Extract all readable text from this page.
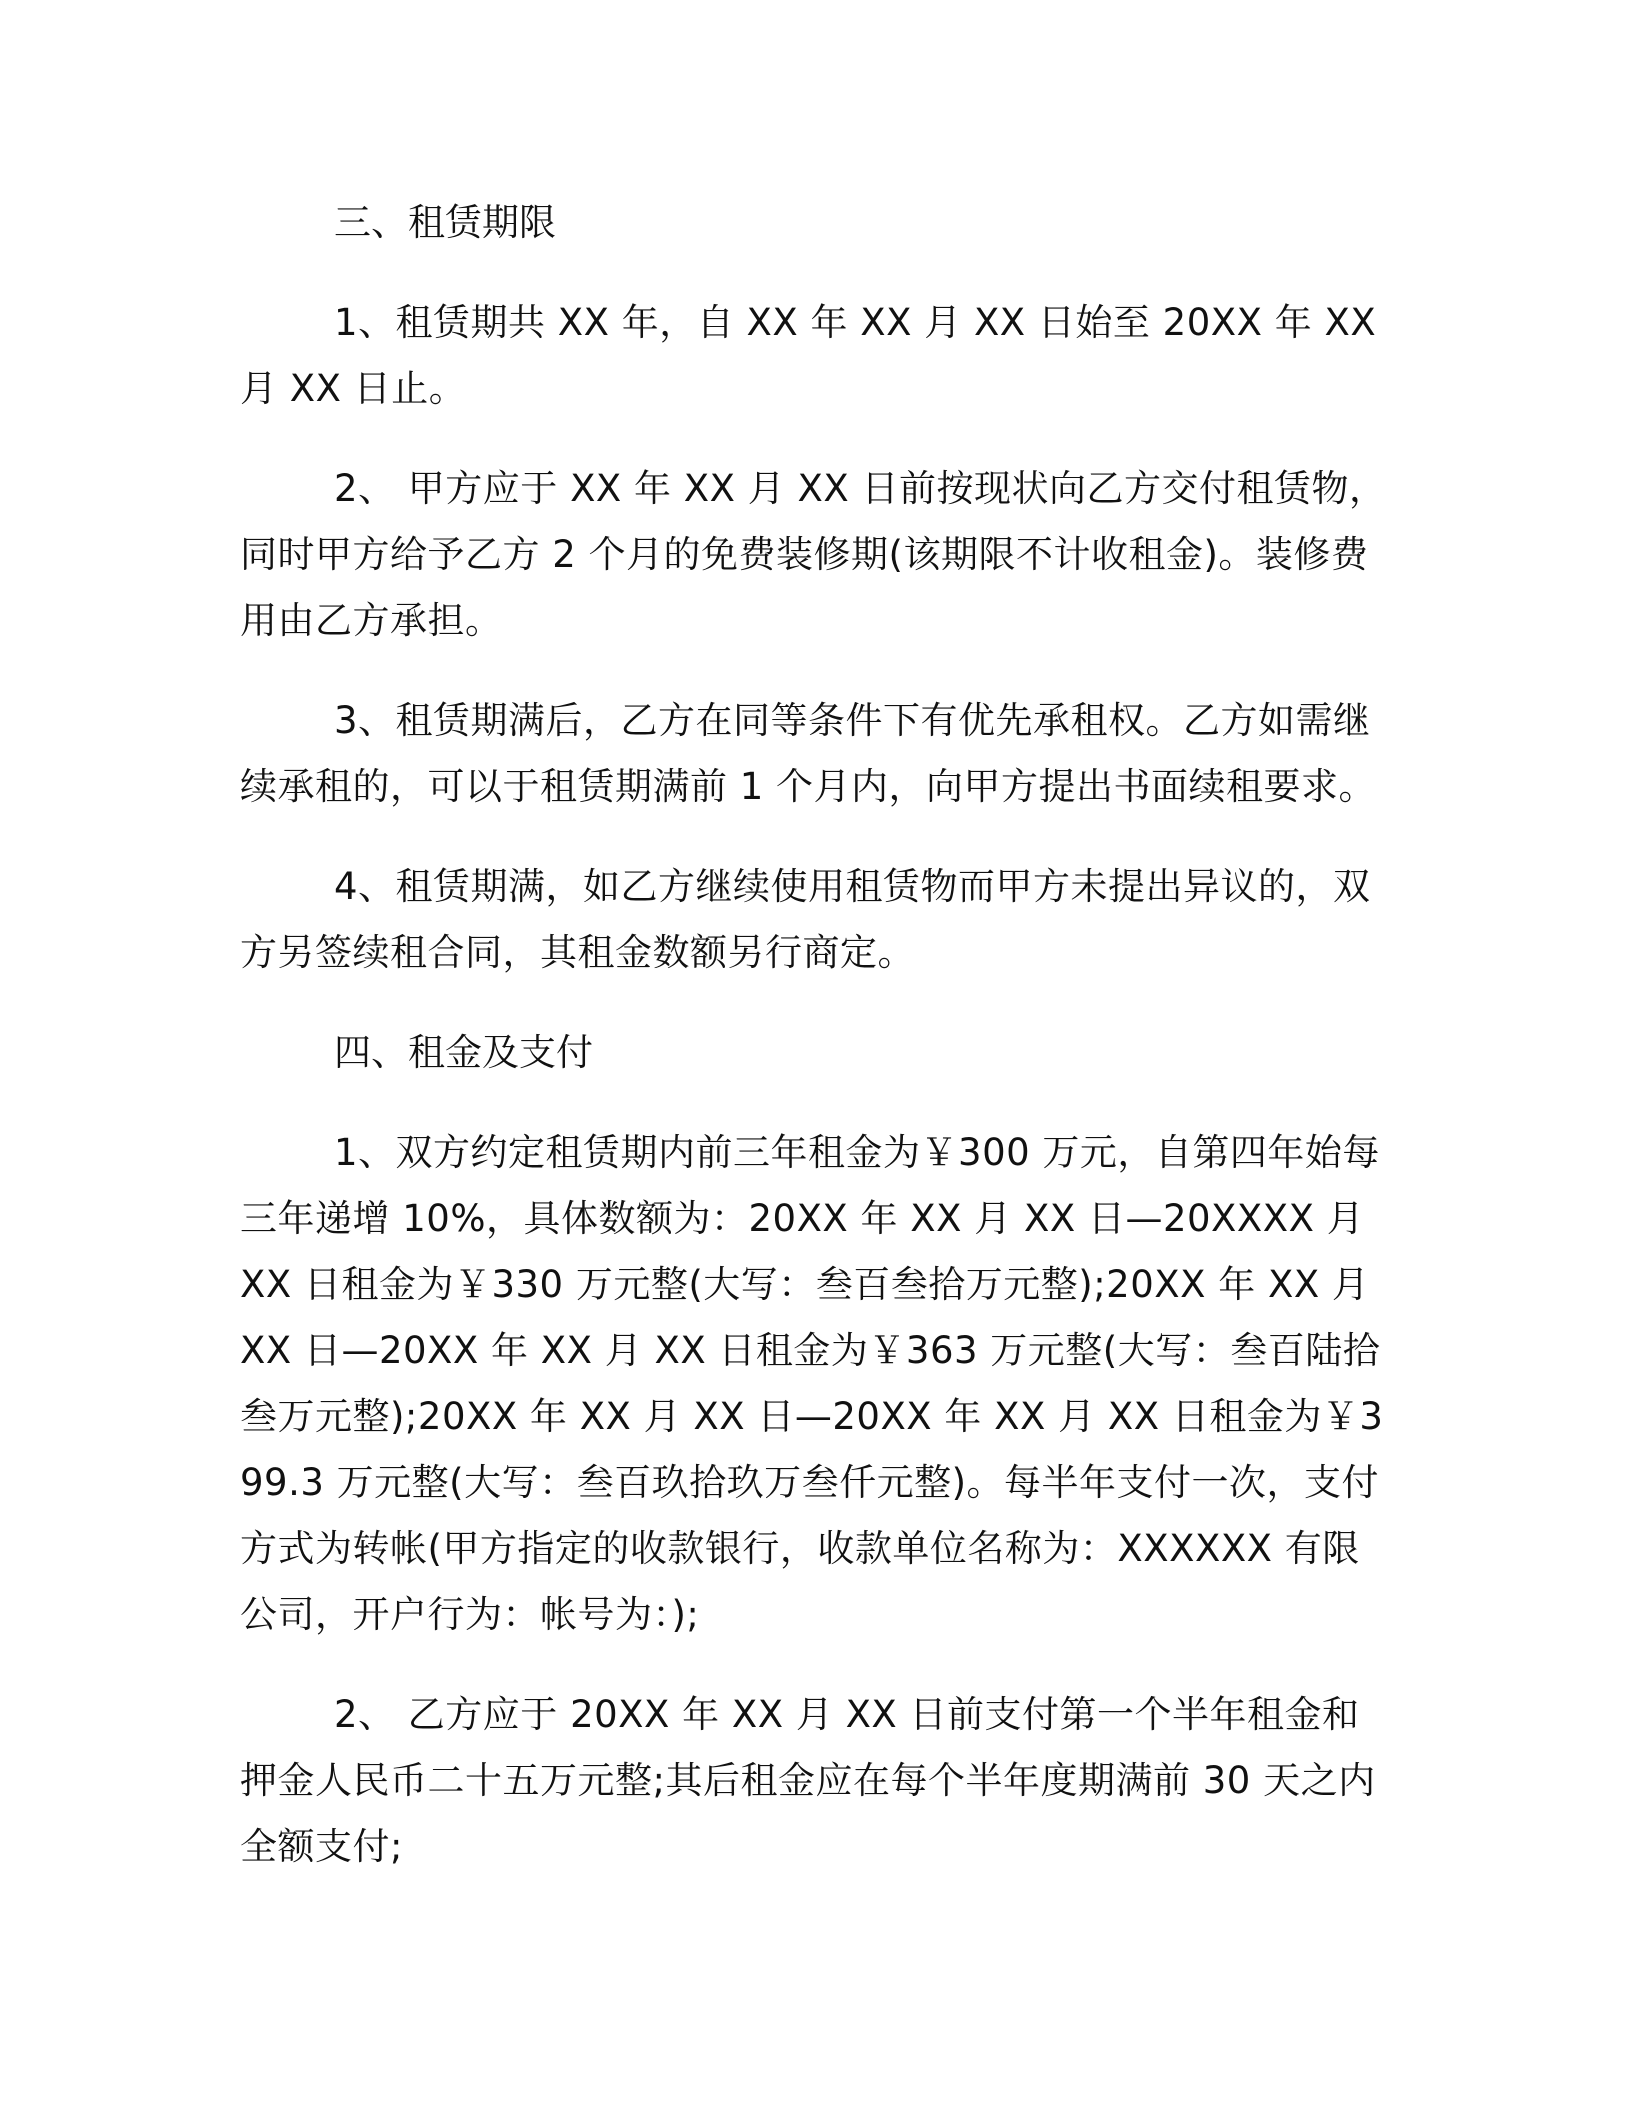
三、租赁期限

1、租赁期共 XX 年，自 XX 年 XX 月 XX 日始至 20XX 年 XX 月 XX 日止。

2、 甲方应于 XX 年 XX 月 XX 日前按现状向乙方交付租赁物，同时甲方给予乙方 2 个月的免费装修期(该期限不计收租金)。装修费用由乙方承担。

3、租赁期满后，乙方在同等条件下有优先承租权。乙方如需继续承租的，可以于租赁期满前 1 个月内，向甲方提出书面续租要求。

4、租赁期满，如乙方继续使用租赁物而甲方未提出异议的，双方另签续租合同，其租金数额另行商定。

四、租金及支付

1、双方约定租赁期内前三年租金为￥300 万元，自第四年始每三年递增 10%，具体数额为：20XX 年 XX 月 XX 日—20XXXX 月 XX 日租金为￥330 万元整(大写：叁百叁拾万元整);20XX 年 XX 月 XX 日—20XX 年 XX 月 XX 日租金为￥363 万元整(大写：叁百陆拾叁万元整);20XX 年 XX 月 XX 日—20XX 年 XX 月 XX 日租金为￥399.3 万元整(大写：叁百玖拾玖万叁仟元整)。每半年支付一次，支付方式为转帐(甲方指定的收款银行，收款单位名称为：XXXXXX 有限公司，开户行为：帐号为：);

2、 乙方应于 20XX 年 XX 月 XX 日前支付第一个半年租金和押金人民币二十五万元整;其后租金应在每个半年度期满前 30 天之内全额支付;
